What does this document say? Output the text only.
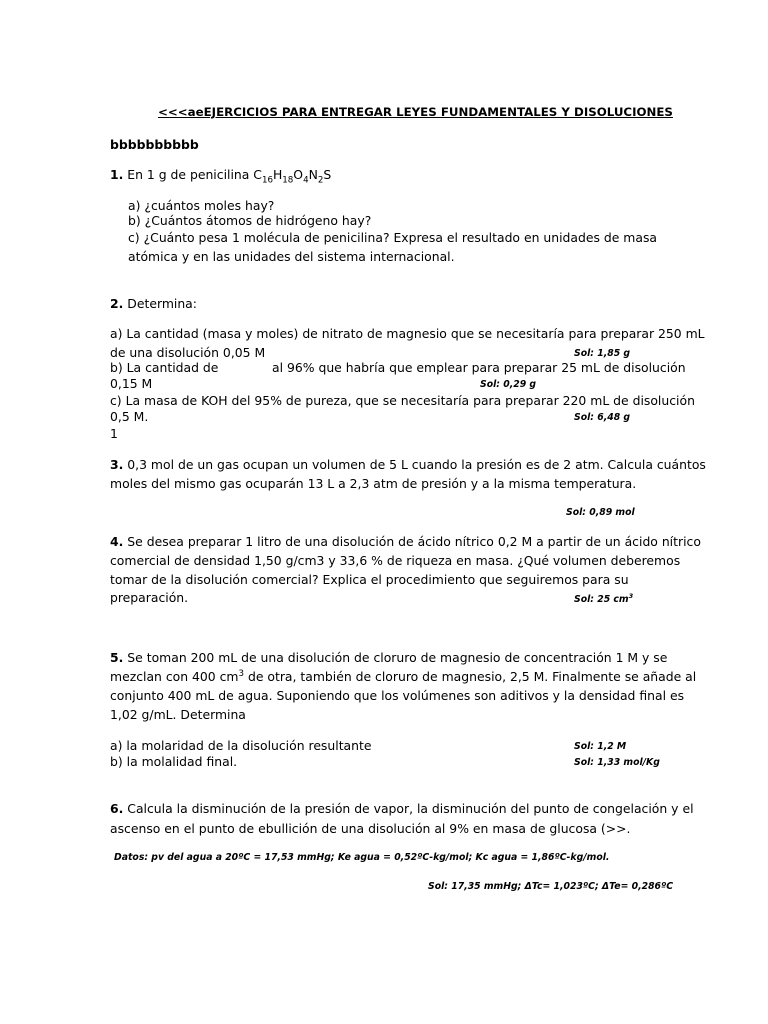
<<<aeEJERCICIOS PARA ENTREGAR LEYES FUNDAMENTALES Y DISOLUCIONES
bbbbbbbbbb
1. En 1 g de penicilina $C_{16}H_{18}O_4N_2S$
a) ¿cuántos moles hay?
b) ¿Cuántos átomos de hidrógeno hay?
c) ¿Cuánto pesa 1 molécula de penicilina? Expresa el resultado en unidades de masa
atómica y en las unidades del sistema internacional.
2. Determina:
a) La cantidad (masa y moles) de nitrato de magnesio que se necesitaría para preparar 250 mL
de una disolución 0,05 M	Sol: 1,85 g
b) La cantidad de	al 96% que habría que emplear para preparar 25 mL de disolución
0,15 M	Sol: 0,29 g
c) La masa de KOH del 95% de pureza, que se necesitaría para preparar 220 mL de disolución
0,5 M.	Sol: 6,48 g
1
3. 0,3 mol de un gas ocupan un volumen de 5 L cuando la presión es de 2 atm. Calcula cuántos
moles del mismo gas ocuparán 13 L a 2,3 atm de presión y a la misma temperatura.
Sol: 0,89 mol
4. Se desea preparar 1 litro de una disolución de ácido nítrico 0,2 M a partir de un ácido nítrico
comercial de densidad 1,50 g/cm3 y 33,6 % de riqueza en masa. ¿Qué volumen deberemos
tomar de la disolución comercial? Explica el procedimiento que seguiremos para su
preparación.	Sol: 25 $cm^3$
5. Se toman 200 mL de una disolución de cloruro de magnesio de concentración 1 M y se
mezclan con 400 $cm^3$ de otra, también de cloruro de magnesio, 2,5 M. Finalmente se añade al
conjunto 400 mL de agua. Suponiendo que los volúmenes son aditivos y la densidad final es
1,02 g/mL. Determina
a) la molaridad de la disolución resultante	Sol: 1,2 M
b) la molalidad final.	Sol: 1,33 mol/Kg
6. Calcula la disminución de la presión de vapor, la disminución del punto de congelación y el
ascenso en el punto de ebullición de una disolución al 9% en masa de glucosa (>>.
Datos: pv del agua a 20ºC = 17,53 mmHg; Ke agua = 0,52ºC-kg/mol; Kc agua = 1,86ºC-kg/mol.
Sol: 17,35 mmHg; ΔTc= 1,023ºC; ΔTe= 0,286ºC
